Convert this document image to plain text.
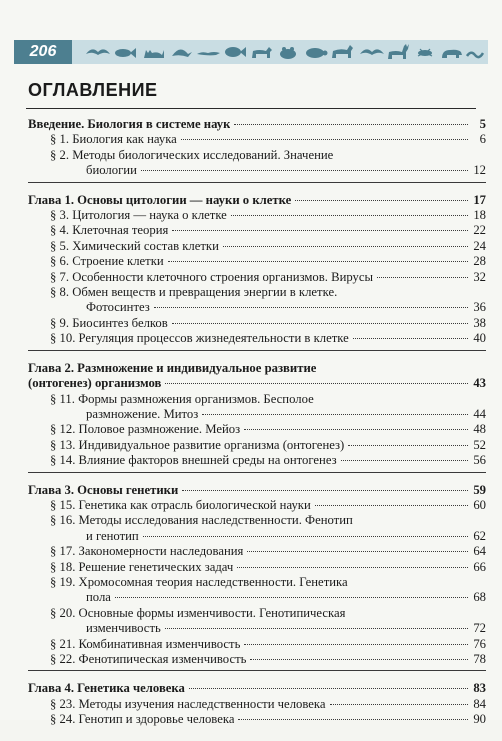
206
ОГЛАВЛЕНИЕ
Введение. Биология в системе наук	5
§ 1. Биология как наука	6
§ 2. Методы биологических исследований. Значение
биологии	12
Глава 1. Основы цитологии — науки о клетке	17
§ 3. Цитология — наука о клетке	18
§ 4. Клеточная теория	22
§ 5. Химический состав клетки	24
§ 6. Строение клетки	28
§ 7. Особенности клеточного строения организмов. Вирусы	32
§ 8. Обмен веществ и превращения энергии в клетке.
Фотосинтез	36
§ 9. Биосинтез белков	38
§ 10. Регуляция процессов жизнедеятельности в клетке	40
Глава 2. Размножение и индивидуальное развитие
(онтогенез) организмов	43
§ 11. Формы размножения организмов. Бесполое
размножение. Митоз	44
§ 12. Половое размножение. Мейоз	48
§ 13. Индивидуальное развитие организма (онтогенез)	52
§ 14. Влияние факторов внешней среды на онтогенез	56
Глава 3. Основы генетики	59
§ 15. Генетика как отрасль биологической науки	60
§ 16. Методы исследования наследственности. Фенотип
и генотип	62
§ 17. Закономерности наследования	64
§ 18. Решение генетических задач	66
§ 19. Хромосомная теория наследственности. Генетика
пола	68
§ 20. Основные формы изменчивости. Генотипическая
изменчивость	72
§ 21. Комбинативная изменчивость	76
§ 22. Фенотипическая изменчивость	78
Глава 4. Генетика человека	83
§ 23. Методы изучения наследственности человека	84
§ 24. Генотип и здоровье человека	90
